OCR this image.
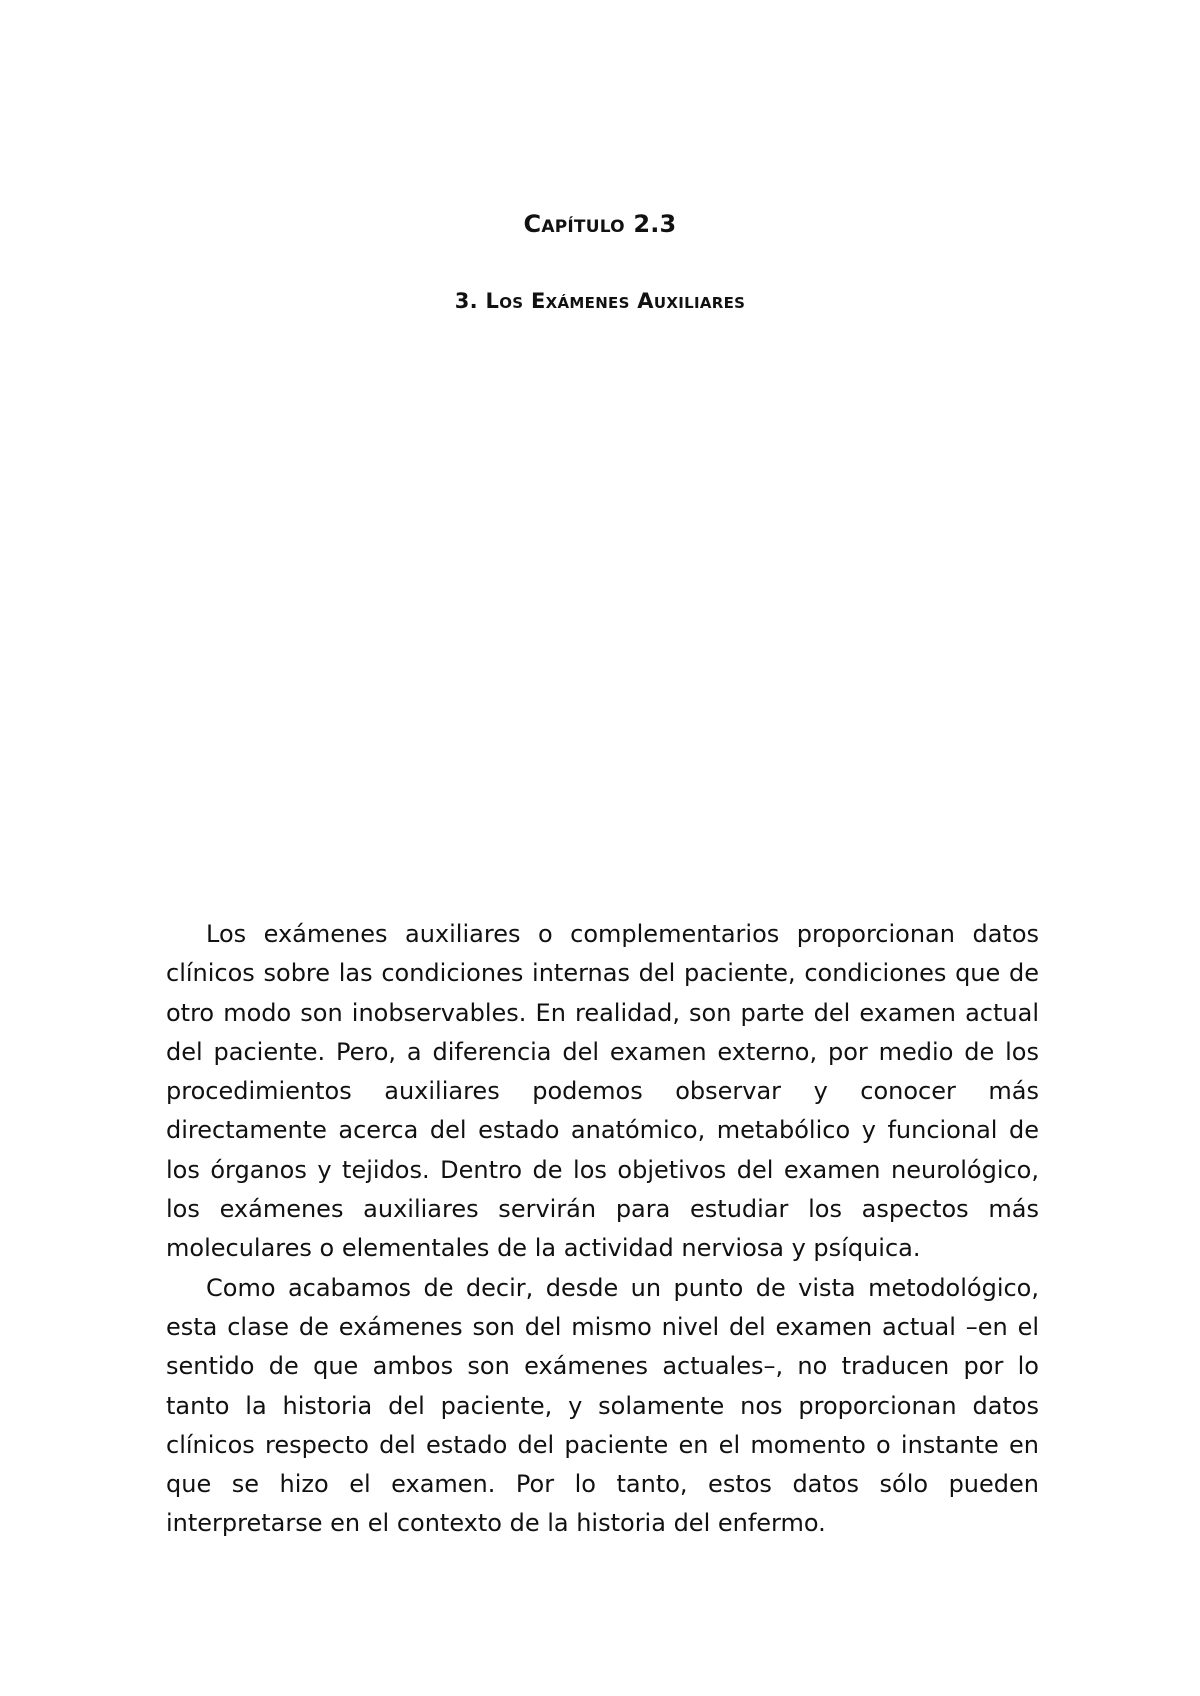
Capítulo 2.3
3. Los Exámenes Auxiliares

Los exámenes auxiliares o complementarios proporcionan datos clínicos sobre las condiciones internas del paciente, condiciones que de otro modo son inobservables. En realidad, son parte del examen actual del paciente. Pero, a diferencia del examen externo, por medio de los procedimientos auxiliares podemos observar y conocer más directamente acerca del estado anatómico, metabólico y funcional de los órganos y tejidos. Dentro de los objetivos del examen neurológico, los exámenes auxiliares servirán para estudiar los aspectos más moleculares o elementales de la actividad nerviosa y psíquica.

Como acabamos de decir, desde un punto de vista metodológico, esta clase de exámenes son del mismo nivel del examen actual –en el sentido de que ambos son exámenes actuales–, no traducen por lo tanto la historia del paciente, y solamente nos proporcionan datos clínicos respecto del estado del paciente en el momento o instante en que se hizo el examen. Por lo tanto, estos datos sólo pueden interpretarse en el contexto de la historia del enfermo.
